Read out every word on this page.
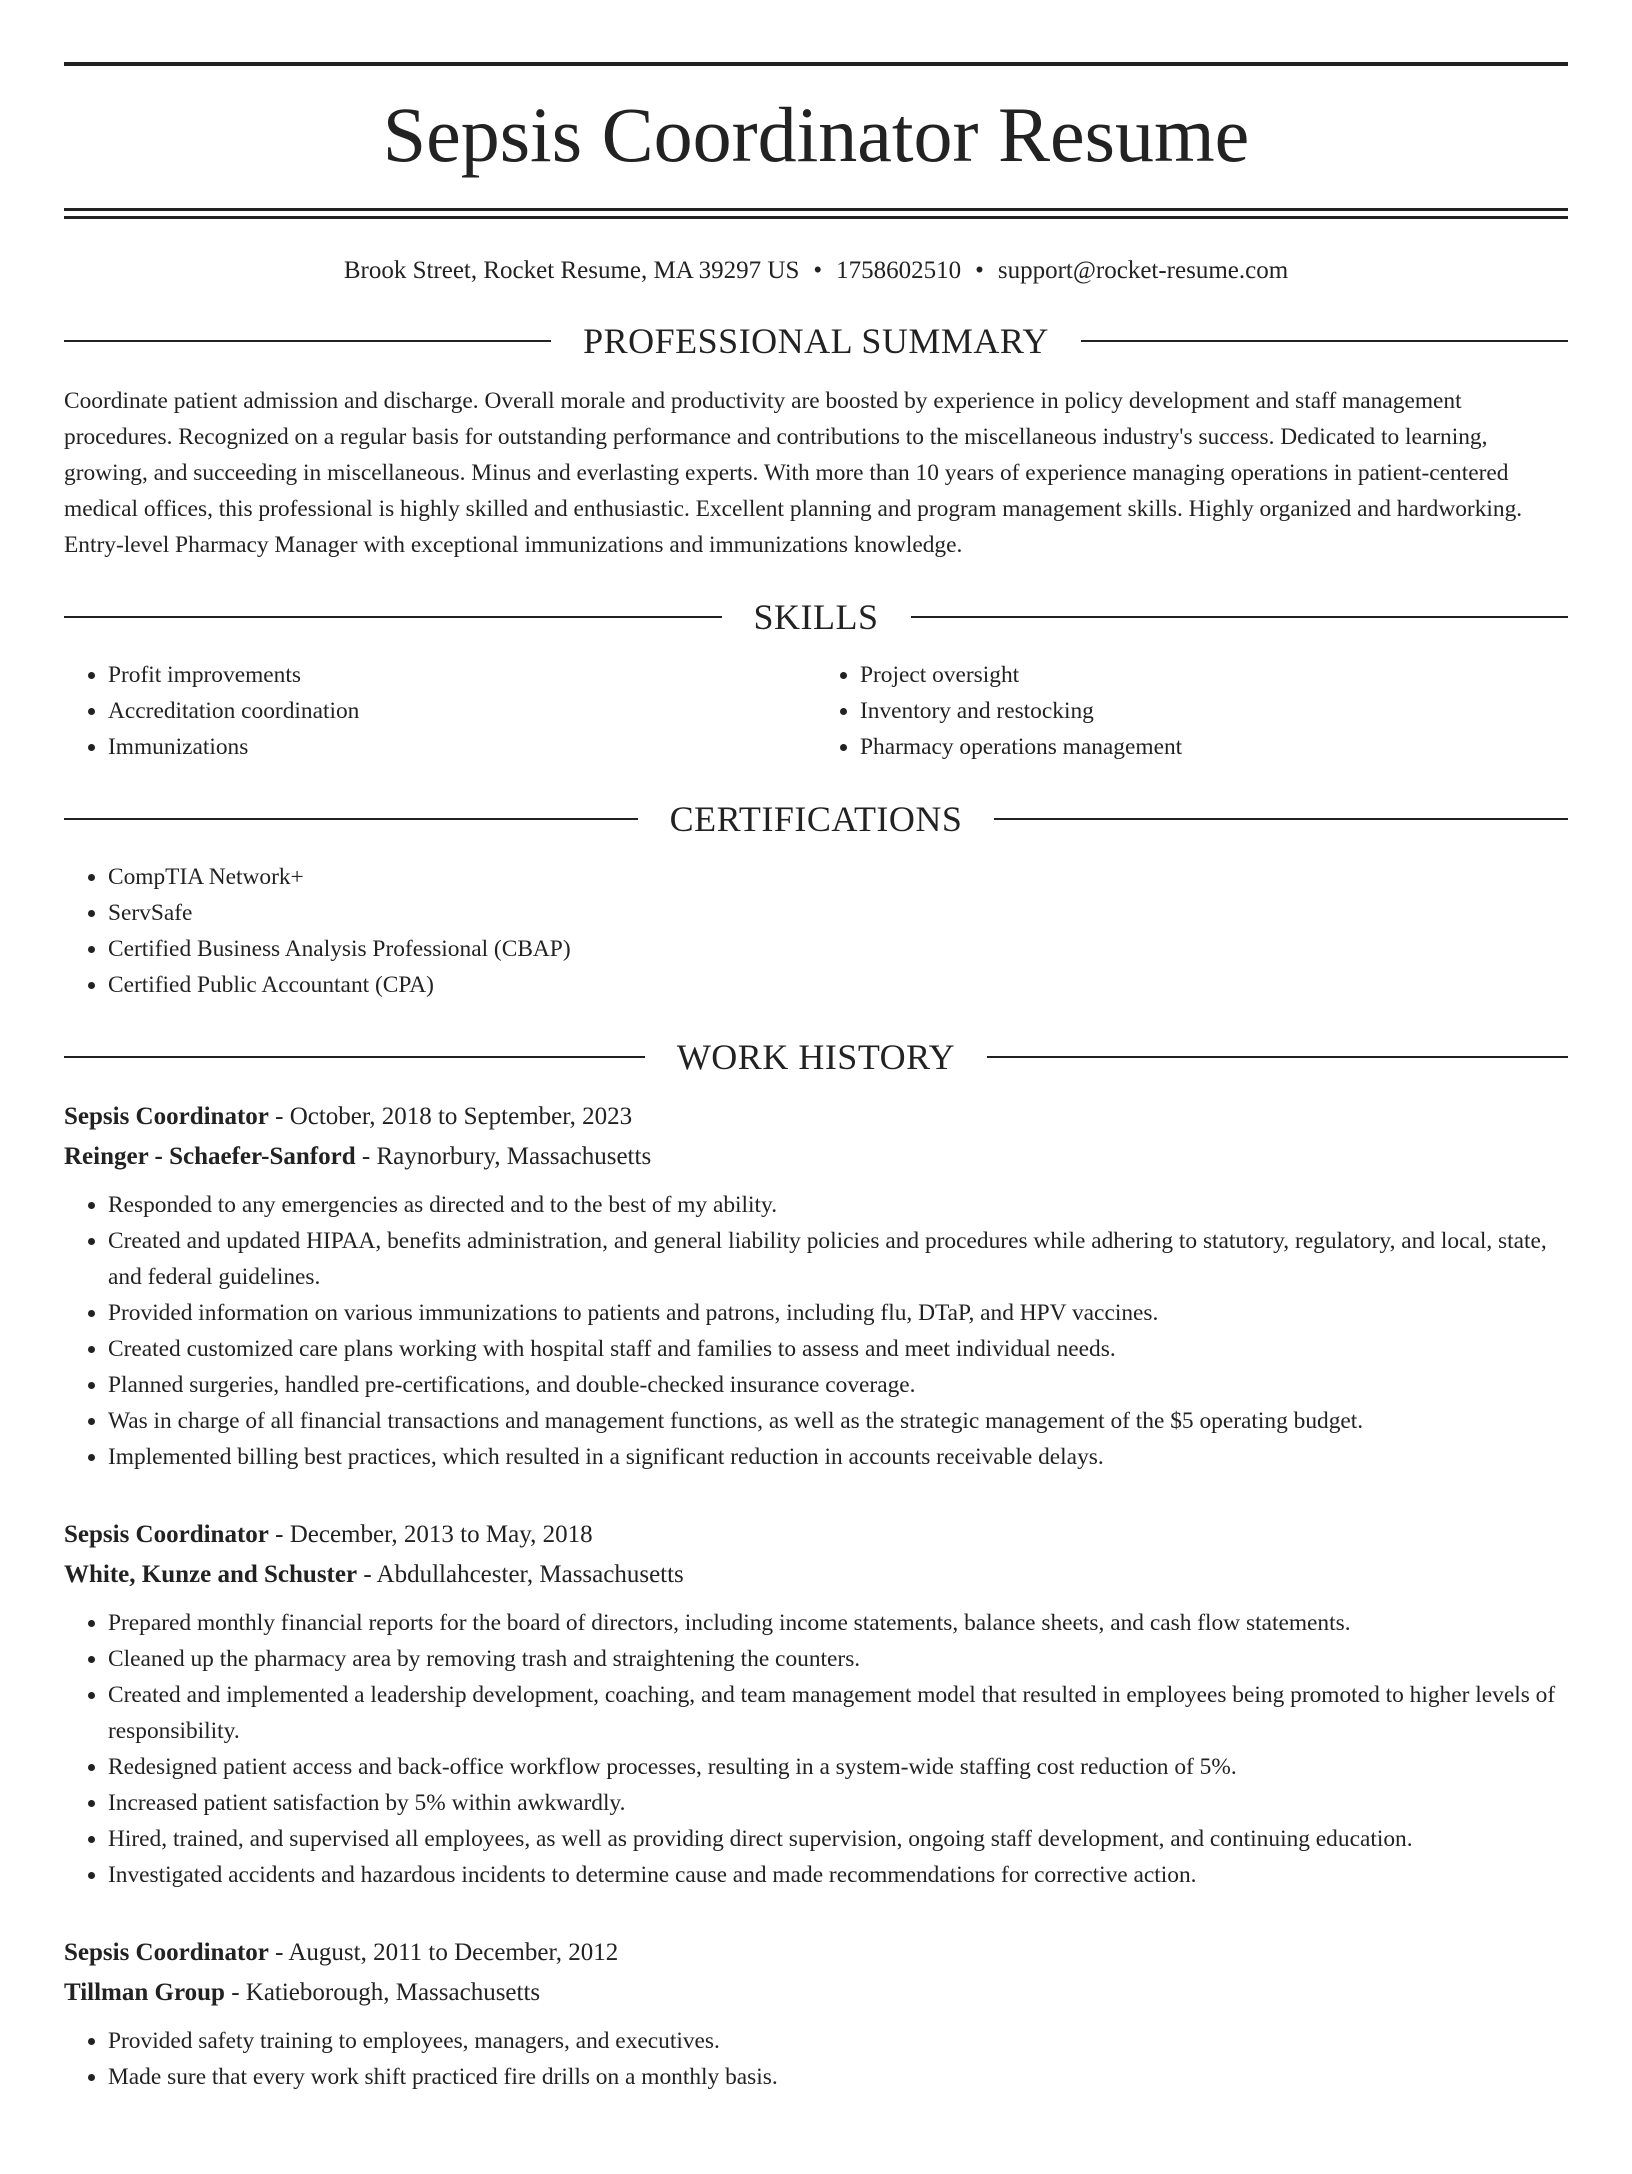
Sepsis Coordinator Resume
Brook Street, Rocket Resume, MA 39297 US • 1758602510 • support@rocket-resume.com
PROFESSIONAL SUMMARY

Coordinate patient admission and discharge. Overall morale and productivity are boosted by experience in policy development and staff management procedures. Recognized on a regular basis for outstanding performance and contributions to the miscellaneous industry's success. Dedicated to learning, growing, and succeeding in miscellaneous. Minus and everlasting experts. With more than 10 years of experience managing operations in patient-centered medical offices, this professional is highly skilled and enthusiastic. Excellent planning and program management skills. Highly organized and hardworking. Entry-level Pharmacy Manager with exceptional immunizations and immunizations knowledge.

SKILLS
• Profit improvements
• Accreditation coordination
• Immunizations
• Project oversight
• Inventory and restocking
• Pharmacy operations management
CERTIFICATIONS
• CompTIA Network+
• ServSafe
• Certified Business Analysis Professional (CBAP)
• Certified Public Accountant (CPA)
WORK HISTORY
Sepsis Coordinator - October, 2018 to September, 2023
Reinger - Schaefer-Sanford - Raynorbury, Massachusetts
• Responded to any emergencies as directed and to the best of my ability.
• Created and updated HIPAA, benefits administration, and general liability policies and procedures while adhering to statutory, regulatory, and local, state, and federal guidelines.
• Provided information on various immunizations to patients and patrons, including flu, DTaP, and HPV vaccines.
• Created customized care plans working with hospital staff and families to assess and meet individual needs.
• Planned surgeries, handled pre-certifications, and double-checked insurance coverage.
• Was in charge of all financial transactions and management functions, as well as the strategic management of the $5 operating budget.
• Implemented billing best practices, which resulted in a significant reduction in accounts receivable delays.
Sepsis Coordinator - December, 2013 to May, 2018
White, Kunze and Schuster - Abdullahcester, Massachusetts
• Prepared monthly financial reports for the board of directors, including income statements, balance sheets, and cash flow statements.
• Cleaned up the pharmacy area by removing trash and straightening the counters.
• Created and implemented a leadership development, coaching, and team management model that resulted in employees being promoted to higher levels of responsibility.
• Redesigned patient access and back-office workflow processes, resulting in a system-wide staffing cost reduction of 5%.
• Increased patient satisfaction by 5% within awkwardly.
• Hired, trained, and supervised all employees, as well as providing direct supervision, ongoing staff development, and continuing education.
• Investigated accidents and hazardous incidents to determine cause and made recommendations for corrective action.
Sepsis Coordinator - August, 2011 to December, 2012
Tillman Group - Katieborough, Massachusetts
• Provided safety training to employees, managers, and executives.
• Made sure that every work shift practiced fire drills on a monthly basis.
